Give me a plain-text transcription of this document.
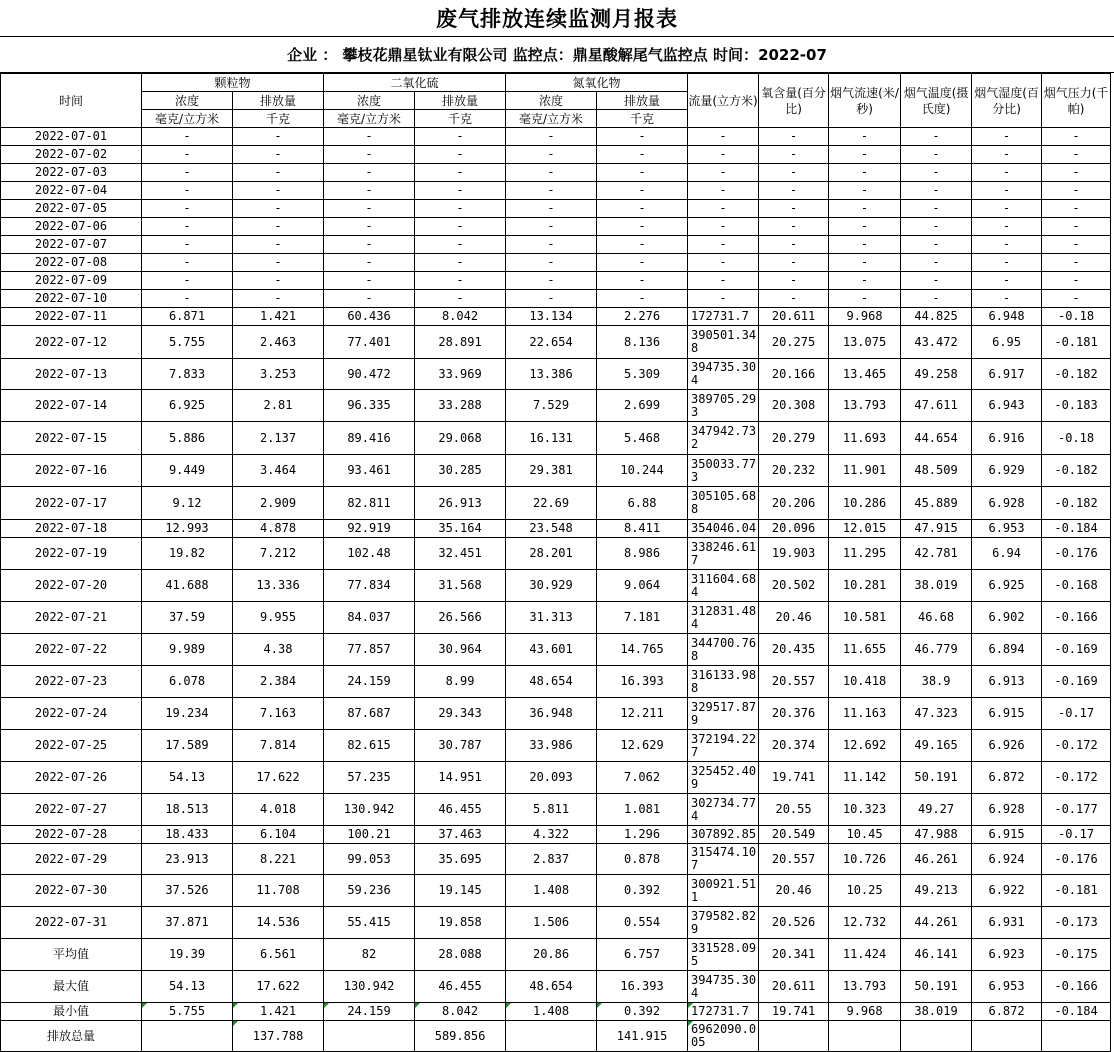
废气排放连续监测月报表
企业 ：
攀枝花鼎星钛业有限公司
监控点： 鼎星酸解尾气监控点
时间： 2022-07
时间	颗粒物		二氧化硫		氮氧化物		流量(立方米)	氧含量(百分比)	烟气流速(米/秒)	烟气温度(摄氏度)	烟气湿度(百分比)	烟气压力(千帕)
	浓度	排放量	浓度	排放量	浓度	排放量						
	毫克/立方米	千克	毫克/立方米	千克	毫克/立方米	千克						
2022-07-01	-	-	-	-	-	-	-	-	-	-	-	-
2022-07-02	-	-	-	-	-	-	-	-	-	-	-	-
2022-07-03	-	-	-	-	-	-	-	-	-	-	-	-
2022-07-04	-	-	-	-	-	-	-	-	-	-	-	-
2022-07-05	-	-	-	-	-	-	-	-	-	-	-	-
2022-07-06	-	-	-	-	-	-	-	-	-	-	-	-
2022-07-07	-	-	-	-	-	-	-	-	-	-	-	-
2022-07-08	-	-	-	-	-	-	-	-	-	-	-	-
2022-07-09	-	-	-	-	-	-	-	-	-	-	-	-
2022-07-10	-	-	-	-	-	-	-	-	-	-	-	-
2022-07-11	6.871	1.421	60.436	8.042	13.134	2.276	172731.7	20.611	9.968	44.825	6.948	-0.18
2022-07-12	5.755	2.463	77.401	28.891	22.654	8.136	390501.348	20.275	13.075	43.472	6.95	-0.181
2022-07-13	7.833	3.253	90.472	33.969	13.386	5.309	394735.304	20.166	13.465	49.258	6.917	-0.182
2022-07-14	6.925	2.81	96.335	33.288	7.529	2.699	389705.293	20.308	13.793	47.611	6.943	-0.183
2022-07-15	5.886	2.137	89.416	29.068	16.131	5.468	347942.732	20.279	11.693	44.654	6.916	-0.18
2022-07-16	9.449	3.464	93.461	30.285	29.381	10.244	350033.773	20.232	11.901	48.509	6.929	-0.182
2022-07-17	9.12	2.909	82.811	26.913	22.69	6.88	305105.688	20.206	10.286	45.889	6.928	-0.182
2022-07-18	12.993	4.878	92.919	35.164	23.548	8.411	354046.04	20.096	12.015	47.915	6.953	-0.184
2022-07-19	19.82	7.212	102.48	32.451	28.201	8.986	338246.617	19.903	11.295	42.781	6.94	-0.176
2022-07-20	41.688	13.336	77.834	31.568	30.929	9.064	311604.684	20.502	10.281	38.019	6.925	-0.168
2022-07-21	37.59	9.955	84.037	26.566	31.313	7.181	312831.484	20.46	10.581	46.68	6.902	-0.166
2022-07-22	9.989	4.38	77.857	30.964	43.601	14.765	344700.768	20.435	11.655	46.779	6.894	-0.169
2022-07-23	6.078	2.384	24.159	8.99	48.654	16.393	316133.988	20.557	10.418	38.9	6.913	-0.169
2022-07-24	19.234	7.163	87.687	29.343	36.948	12.211	329517.879	20.376	11.163	47.323	6.915	-0.17
2022-07-25	17.589	7.814	82.615	30.787	33.986	12.629	372194.227	20.374	12.692	49.165	6.926	-0.172
2022-07-26	54.13	17.622	57.235	14.951	20.093	7.062	325452.409	19.741	11.142	50.191	6.872	-0.172
2022-07-27	18.513	4.018	130.942	46.455	5.811	1.081	302734.774	20.55	10.323	49.27	6.928	-0.177
2022-07-28	18.433	6.104	100.21	37.463	4.322	1.296	307892.85	20.549	10.45	47.988	6.915	-0.17
2022-07-29	23.913	8.221	99.053	35.695	2.837	0.878	315474.107	20.557	10.726	46.261	6.924	-0.176
2022-07-30	37.526	11.708	59.236	19.145	1.408	0.392	300921.511	20.46	10.25	49.213	6.922	-0.181
2022-07-31	37.871	14.536	55.415	19.858	1.506	0.554	379582.829	20.526	12.732	44.261	6.931	-0.173
平均值	19.39	6.561	82	28.088	20.86	6.757	331528.095	20.341	11.424	46.141	6.923	-0.175
最大值	54.13	17.622	130.942	46.455	48.654	16.393	394735.304	20.611	13.793	50.191	6.953	-0.166
最小值	5.755	1.421	24.159	8.042	1.408	0.392	172731.7	19.741	9.968	38.019	6.872	-0.184
排放总量		137.788		589.856		141.915	6962090.005					
